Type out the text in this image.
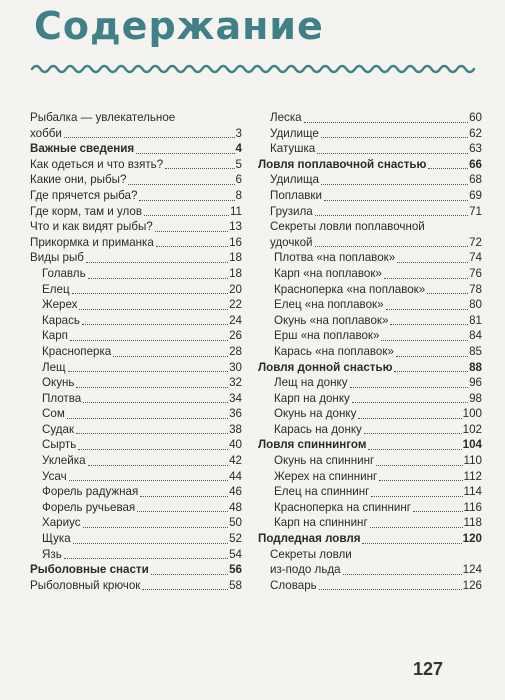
Содержание
Рыбалка — увлекательное
хобби	3
Важные сведения	4
Как одеться и что взять?	5
Какие они, рыбы?	6
Где прячется рыба?	8
Где корм, там и улов	11
Что и как видят рыбы?	13
Прикормка и приманка	16
Виды рыб	18
Голавль	18
Елец	20
Жерех	22
Карась	24
Карп	26
Красноперка	28
Лещ	30
Окунь	32
Плотва	34
Сом	36
Судак	38
Сырть	40
Уклейка	42
Усач	44
Форель радужная	46
Форель ручьевая	48
Хариус	50
Щука	52
Язь	54
Рыболовные снасти	56
Рыболовный крючок	58
Леска	60
Удилище	62
Катушка	63
Ловля поплавочной снастью	66
Удилища	68
Поплавки	69
Грузила	71
Секреты ловли поплавочной
удочкой	72
Плотва «на поплавок»	74
Карп «на поплавок»	76
Красноперка «на поплавок»	78
Елец «на поплавок»	80
Окунь «на поплавок»	81
Ерш «на поплавок»	84
Карась «на поплавок»	85
Ловля донной снастью	88
Лещ на донку	96
Карп на донку	98
Окунь на донку	100
Карась на донку	102
Ловля спиннингом	104
Окунь на спиннинг	110
Жерех на спиннинг	112
Елец на спиннинг	114
Красноперка на спиннинг	116
Карп на спиннинг	118
Подледная ловля	120
Секреты ловли
из-подо льда	124
Словарь	126
127
